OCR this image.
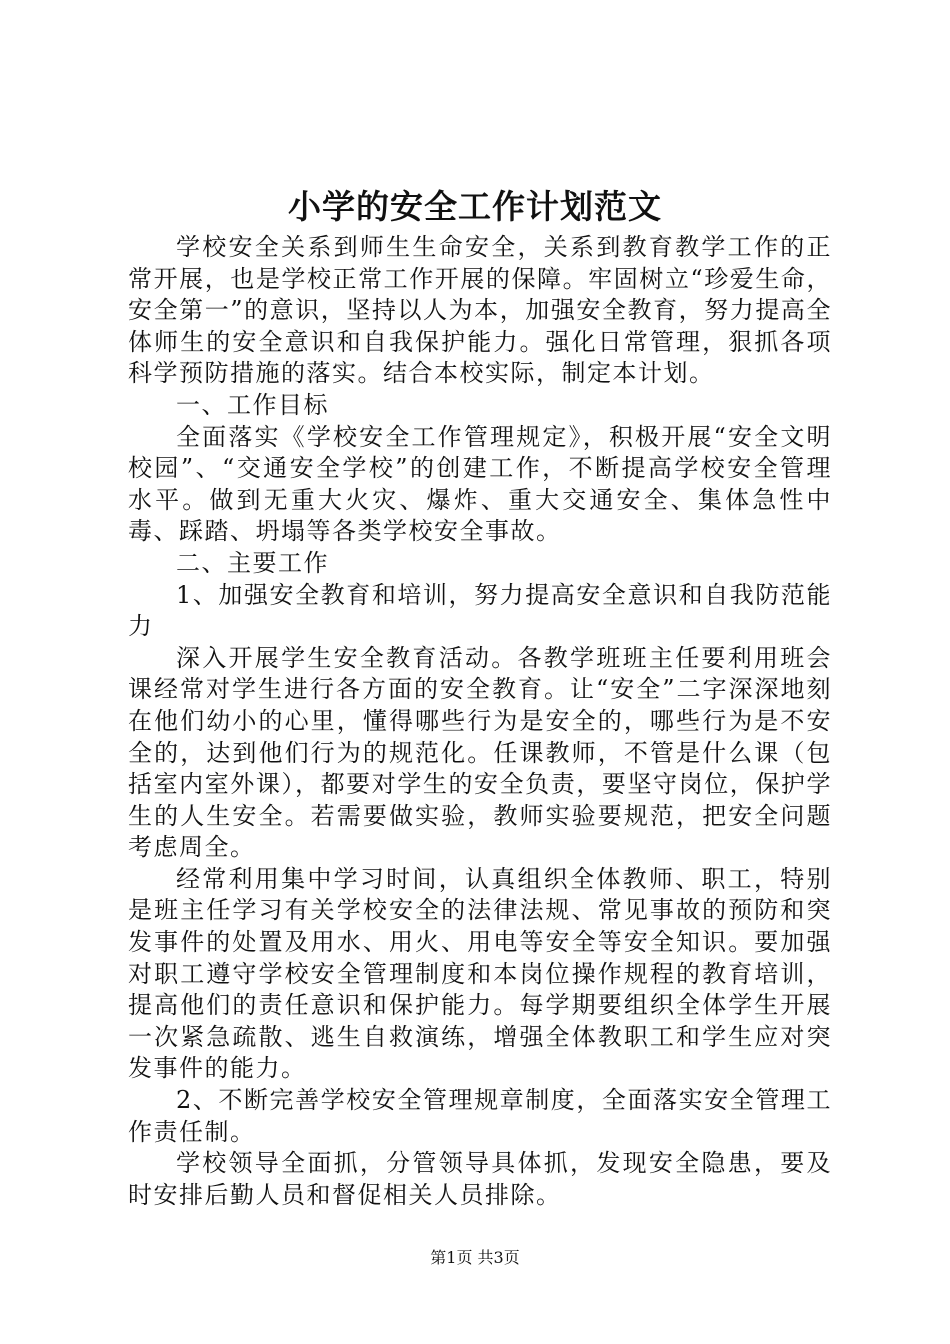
小学的安全工作计划范文

学校安全关系到师生生命安全，关系到教育教学工作的正常开展，也是学校正常工作开展的保障。牢固树立“珍爱生命，安全第一”的意识，坚持以人为本，加强安全教育，努力提高全体师生的安全意识和自我保护能力。强化日常管理，狠抓各项科学预防措施的落实。结合本校实际，制定本计划。

一、工作目标

全面落实《学校安全工作管理规定》，积极开展“安全文明校园”、“交通安全学校”的创建工作，不断提高学校安全管理水平。做到无重大火灾、爆炸、重大交通安全、集体急性中毒、踩踏、坍塌等各类学校安全事故。

二、主要工作

1、加强安全教育和培训，努力提高安全意识和自我防范能力

深入开展学生安全教育活动。各教学班班主任要利用班会课经常对学生进行各方面的安全教育。让“安全”二字深深地刻在他们幼小的心里，懂得哪些行为是安全的，哪些行为是不安全的，达到他们行为的规范化。任课教师，不管是什么课（包括室内室外课），都要对学生的安全负责，要坚守岗位，保护学生的人生安全。若需要做实验，教师实验要规范，把安全问题考虑周全。

经常利用集中学习时间，认真组织全体教师、职工，特别是班主任学习有关学校安全的法律法规、常见事故的预防和突发事件的处置及用水、用火、用电等安全等安全知识。要加强对职工遵守学校安全管理制度和本岗位操作规程的教育培训，提高他们的责任意识和保护能力。每学期要组织全体学生开展一次紧急疏散、逃生自救演练，增强全体教职工和学生应对突发事件的能力。

2、不断完善学校安全管理规章制度，全面落实安全管理工作责任制。

学校领导全面抓，分管领导具体抓，发现安全隐患，要及时安排后勤人员和督促相关人员排除。

第1页 共3页
